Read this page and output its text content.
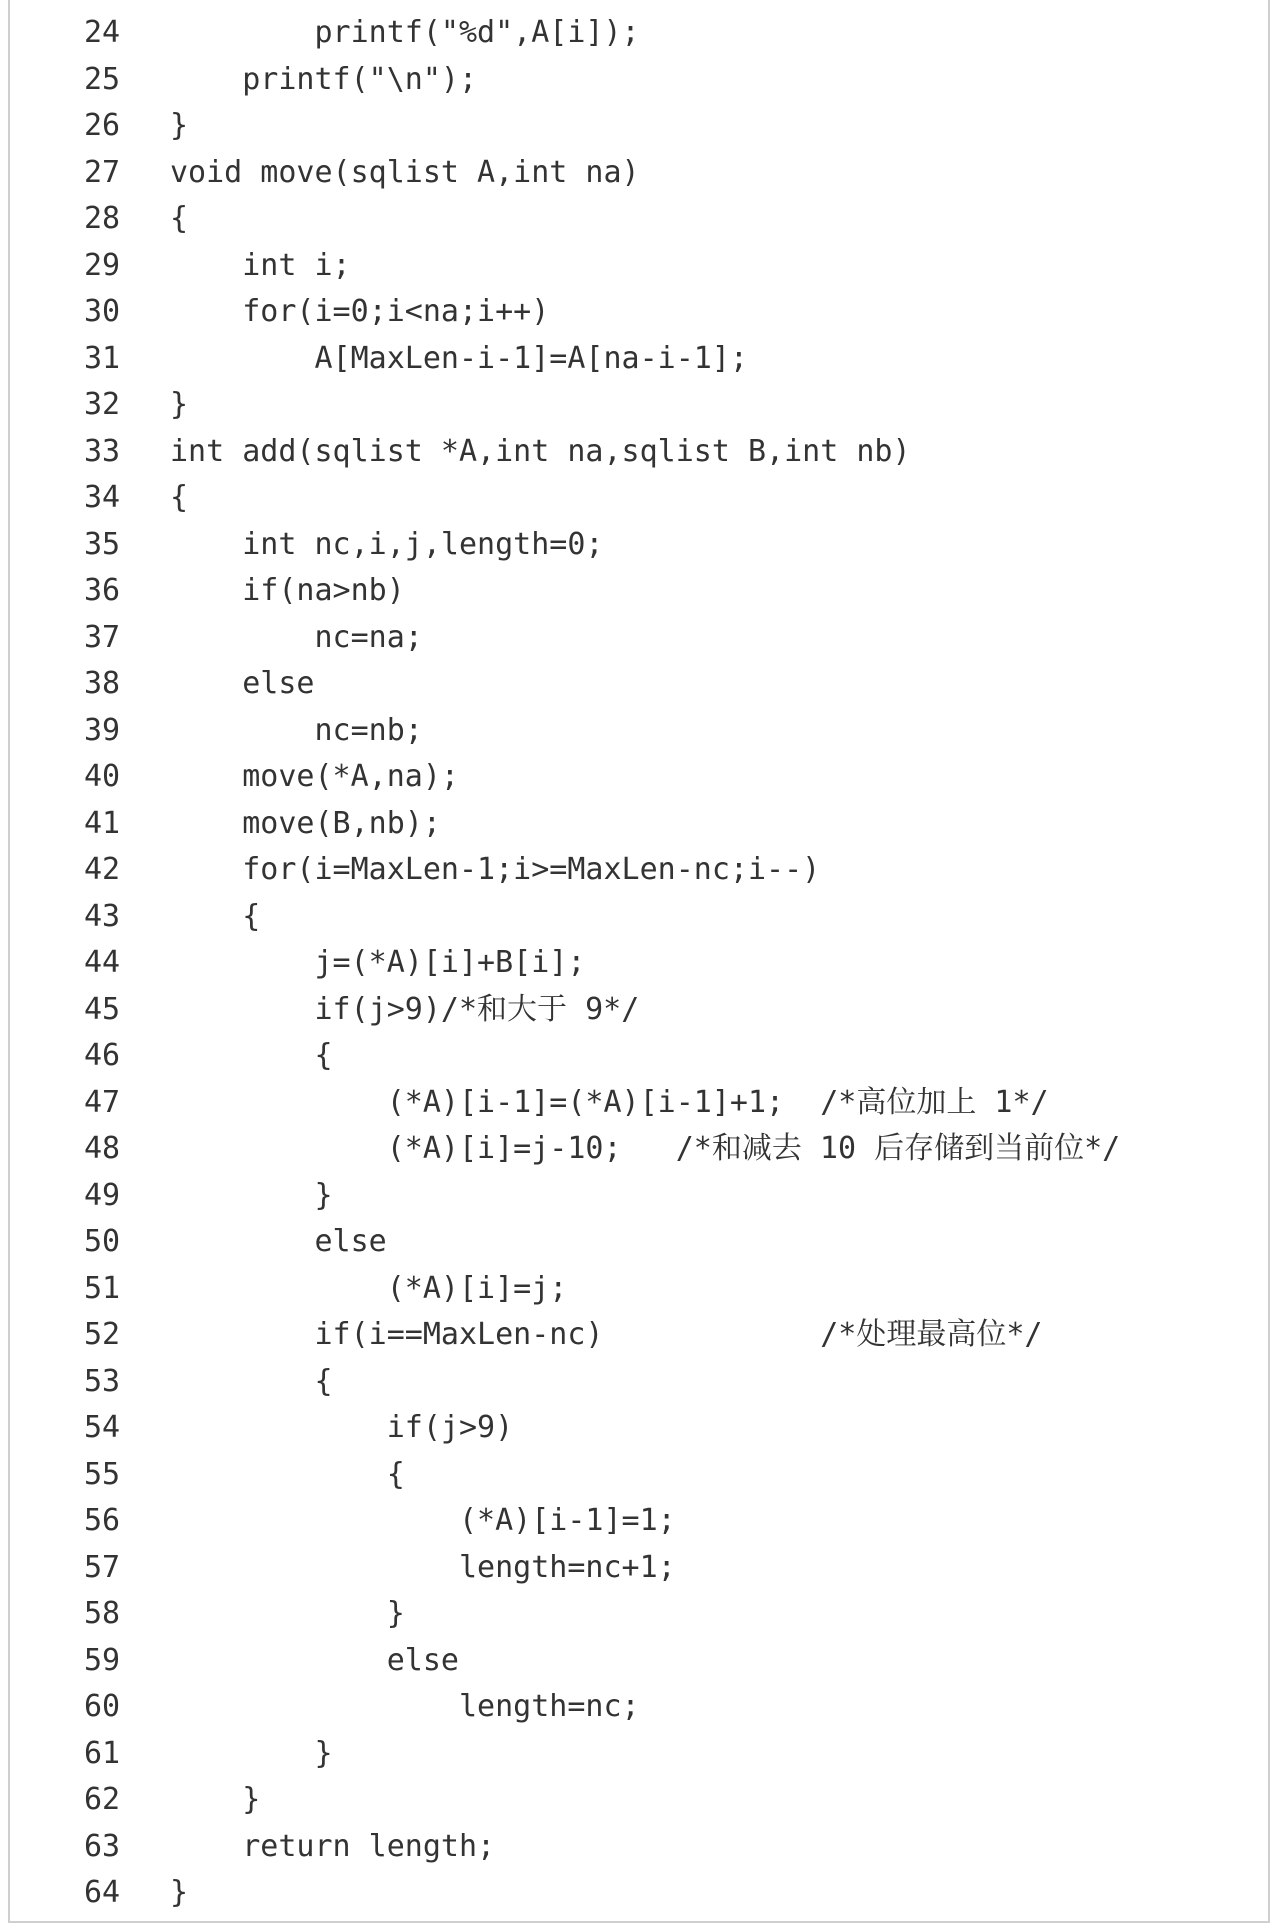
24	printf("%d",A[i]);
25	printf("\n");
26	}
27	void move(sqlist A,int na)
28	{
29	int i;
30	for(i=0;i<na;i++)
31	A[MaxLen-i-1]=A[na-i-1];
32	}
33	int add(sqlist *A,int na,sqlist B,int nb)
34	{
35	int nc,i,j,length=0;
36	if(na>nb)
37	nc=na;
38	else
39	nc=nb;
40	move(*A,na);
41	move(B,nb);
42	for(i=MaxLen-1;i>=MaxLen-nc;i--)
43	{
44	j=(*A)[i]+B[i];
45	if(j>9)/*和大于 9*/
46	{
47	(*A)[i-1]=(*A)[i-1]+1;  /*高位加上 1*/
48	(*A)[i]=j-10;   /*和减去 10 后存储到当前位*/
49	}
50	else
51	(*A)[i]=j;
52	if(i==MaxLen-nc)            /*处理最高位*/
53	{
54	if(j>9)
55	{
56	(*A)[i-1]=1;
57	length=nc+1;
58	}
59	else
60	length=nc;
61	}
62	}
63	return length;
64	}
